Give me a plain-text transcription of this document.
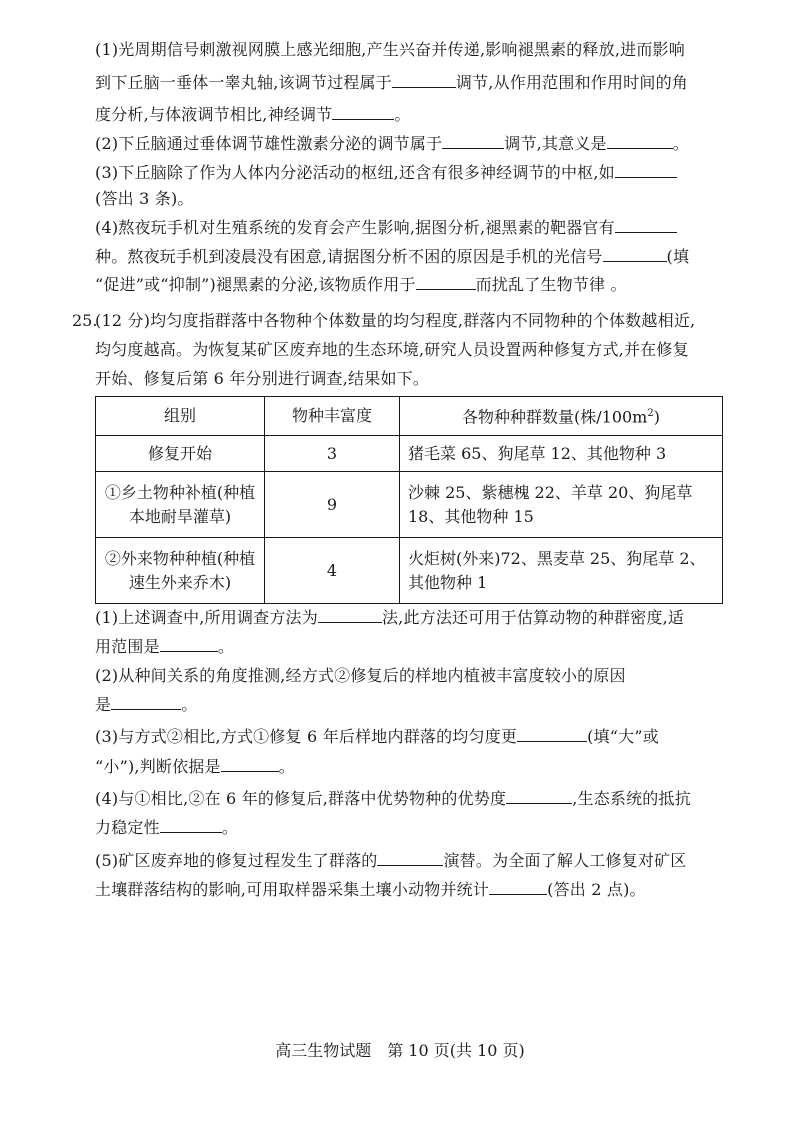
(1)光周期信号刺激视网膜上感光细胞,产生兴奋并传递,影响褪黑素的释放,进而影响
到下丘脑一垂体一睾丸轴,该调节过程属于	调节,从作用范围和作用时间的角
度分析,与体液调节相比,神经调节	。
(2)下丘脑通过垂体调节雄性激素分泌的调节属于	调节,其意义是	。
(3)下丘脑除了作为人体内分泌活动的枢纽,还含有很多神经调节的中枢,如
(答出 3 条)。
(4)熬夜玩手机对生殖系统的发育会产生影响,据图分析,褪黑素的靶器官有
种。熬夜玩手机到凌晨没有困意,请据图分析不困的原因是手机的光信号	(填
“促进”或“抑制”)褪黑素的分泌,该物质作用于	而扰乱了生物节律 。
25.
(12 分)均匀度指群落中各物种个体数量的均匀程度,群落内不同物种的个体数越相近,
均匀度越高。为恢复某矿区废弃地的生态环境,研究人员设置两种修复方式,并在修复
开始、修复后第 6 年分别进行调查,结果如下。
组别	物种丰富度	各物种种群数量(株$/100m^2$)
修复开始	3	猪毛菜 65、狗尾草 12、其他物种 3
①乡土物种补植(种植本地耐旱灌草)	9	沙棘 25、紫穗槐 22、羊草 20、狗尾草 18、其他物种 15
②外来物种种植(种植速生外来乔木)	4	火炬树(外来)72、黑麦草 25、狗尾草 2、其他物种 1
(1)上述调查中,所用调查方法为	法,此方法还可用于估算动物的种群密度,适
用范围是	。
(2)从种间关系的角度推测,经方式②修复后的样地内植被丰富度较小的原因
是	。
(3)与方式②相比,方式①修复 6 年后样地内群落的均匀度更	(填“大”或
“小”),判断依据是	。
(4)与①相比,②在 6 年的修复后,群落中优势物种的优势度	,生态系统的抵抗
力稳定性	。
(5)矿区废弃地的修复过程发生了群落的	演替。为全面了解人工修复对矿区
土壤群落结构的影响,可用取样器采集土壤小动物并统计	(答出 2 点)。
高三生物试题　第 10 页(共 10 页)
